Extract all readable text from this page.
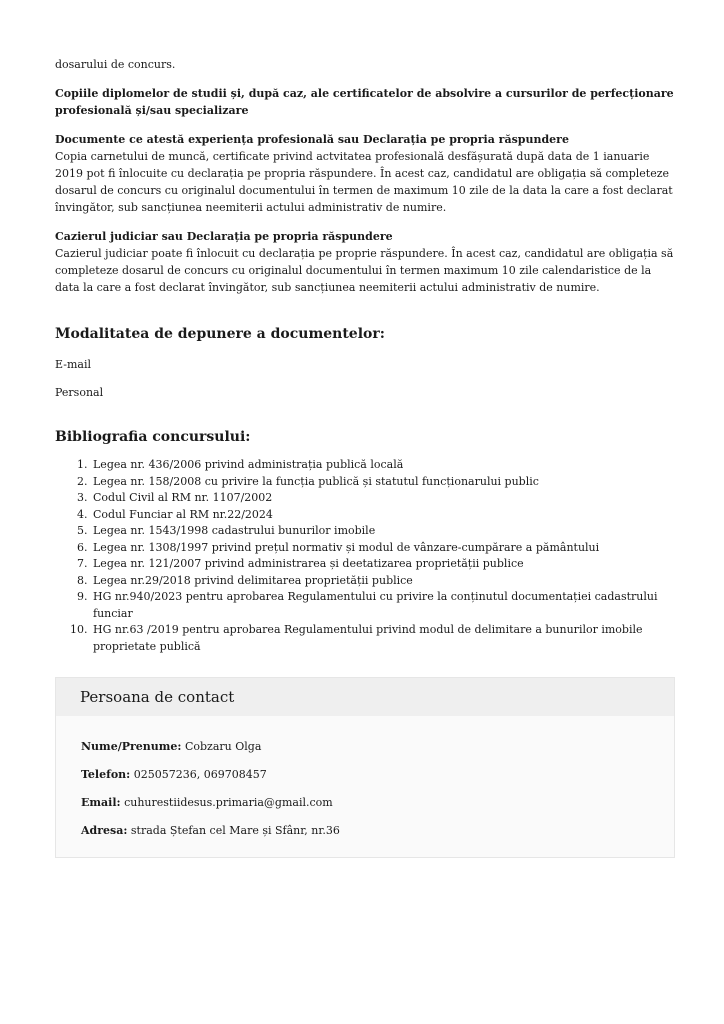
dosarului de concurs.

Copiile diplomelor de studii și, după caz, ale certificatelor de absolvire a cursurilor de perfecționare profesională și/sau specializare

Documente ce atestă experiența profesională sau Declarația pe propria răspundere

Copia carnetului de muncă, certificate privind actvitatea profesională desfășurată după data de 1 ianuarie 2019 pot fi înlocuite cu declarația pe propria răspundere. În acest caz, candidatul are obligația să completeze dosarul de concurs cu originalul documentului în termen de maximum 10 zile de la data la care a fost declarat învingător, sub sancțiunea neemiterii actului administrativ de numire.

Cazierul judiciar sau Declarația pe propria răspundere

Cazierul judiciar poate fi înlocuit cu declarația pe proprie răspundere. În acest caz, candidatul are obligația să completeze dosarul de concurs cu originalul documentului în termen maximum 10 zile calendaristice de la data la care a fost declarat învingător, sub sancțiunea neemiterii actului administrativ de numire.

Modalitatea de depunere a documentelor:

E-mail

Personal

Bibliografia concursului:
1. Legea nr. 436/2006 privind administrația publică locală
2. Legea nr. 158/2008 cu privire la funcția publică și statutul funcționarului public
3. Codul Civil al RM nr. 1107/2002
4. Codul Funciar al RM nr.22/2024
5. Legea nr. 1543/1998 cadastrului bunurilor imobile
6. Legea nr. 1308/1997 privind prețul normativ și modul de vânzare-cumpărare a pământului
7. Legea nr. 121/2007 privind administrarea și deetatizarea proprietății publice
8. Legea nr.29/2018 privind delimitarea proprietății publice
9. HG nr.940/2023 pentru aprobarea Regulamentului cu privire la conținutul documentației cadastrului funciar
10. HG nr.63 /2019 pentru aprobarea Regulamentului privind modul de delimitare a bunurilor imobile proprietate publică
Persoana de contact

Nume/Prenume: Cobzaru Olga

Telefon: 025057236, 069708457

Email: cuhurestiidesus.primaria@gmail.com

Adresa: strada Ștefan cel Mare și Sfânr, nr.36
